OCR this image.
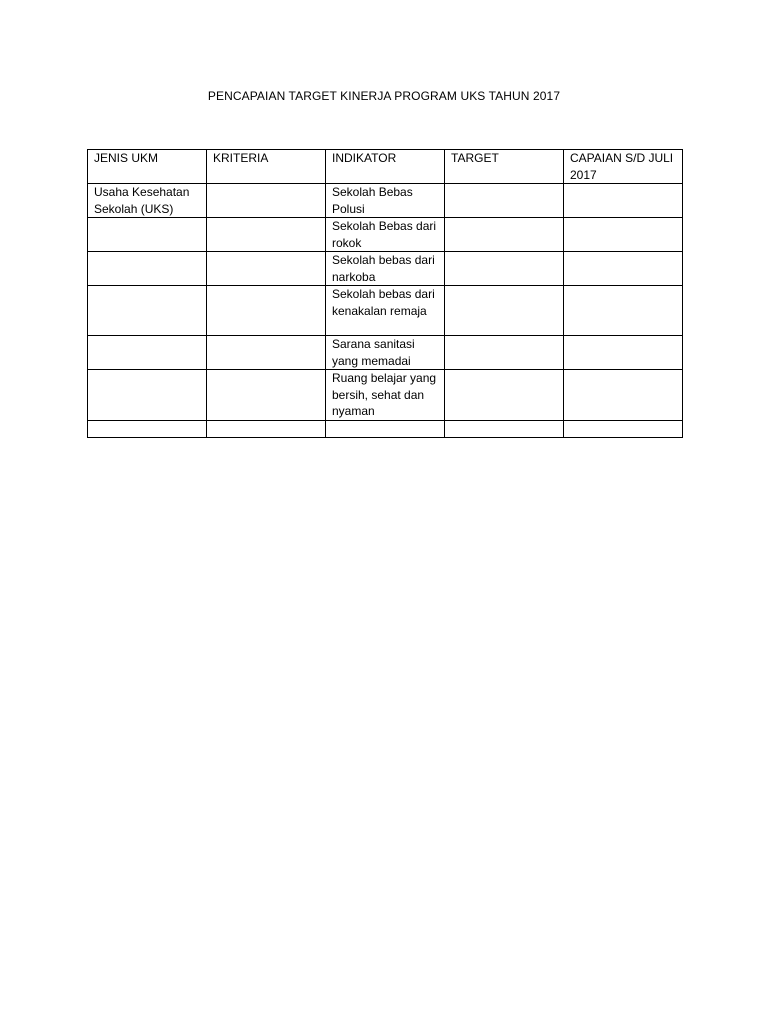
PENCAPAIAN TARGET KINERJA PROGRAM UKS TAHUN 2017
JENIS UKM	KRITERIA	INDIKATOR	TARGET	CAPAIAN S/D JULI 2017
Usaha Kesehatan Sekolah (UKS)		Sekolah Bebas Polusi		
		Sekolah Bebas dari rokok		
		Sekolah bebas dari narkoba		
		Sekolah bebas dari kenakalan remaja		
		Sarana sanitasi yang memadai		
		Ruang belajar yang bersih, sehat dan nyaman		
